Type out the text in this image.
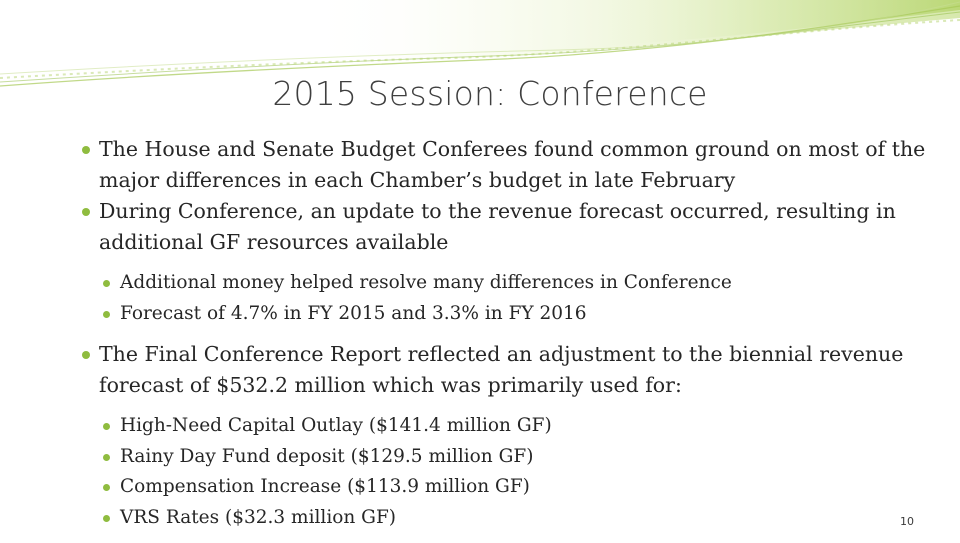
2015 Session: Conference

The House and Senate Budget Conferees found common ground on most of the major differences in each Chamber’s budget in late February

During Conference, an update to the revenue forecast occurred, resulting in additional GF resources available

Additional money helped resolve many differences in Conference

Forecast of 4.7% in FY 2015 and 3.3% in FY 2016

The Final Conference Report reflected an adjustment to the biennial revenue forecast of $532.2 million which was primarily used for:

High-Need Capital Outlay ($141.4 million GF)

Rainy Day Fund deposit ($129.5 million GF)

Compensation Increase ($113.9 million GF)

VRS Rates ($32.3 million GF)	10
